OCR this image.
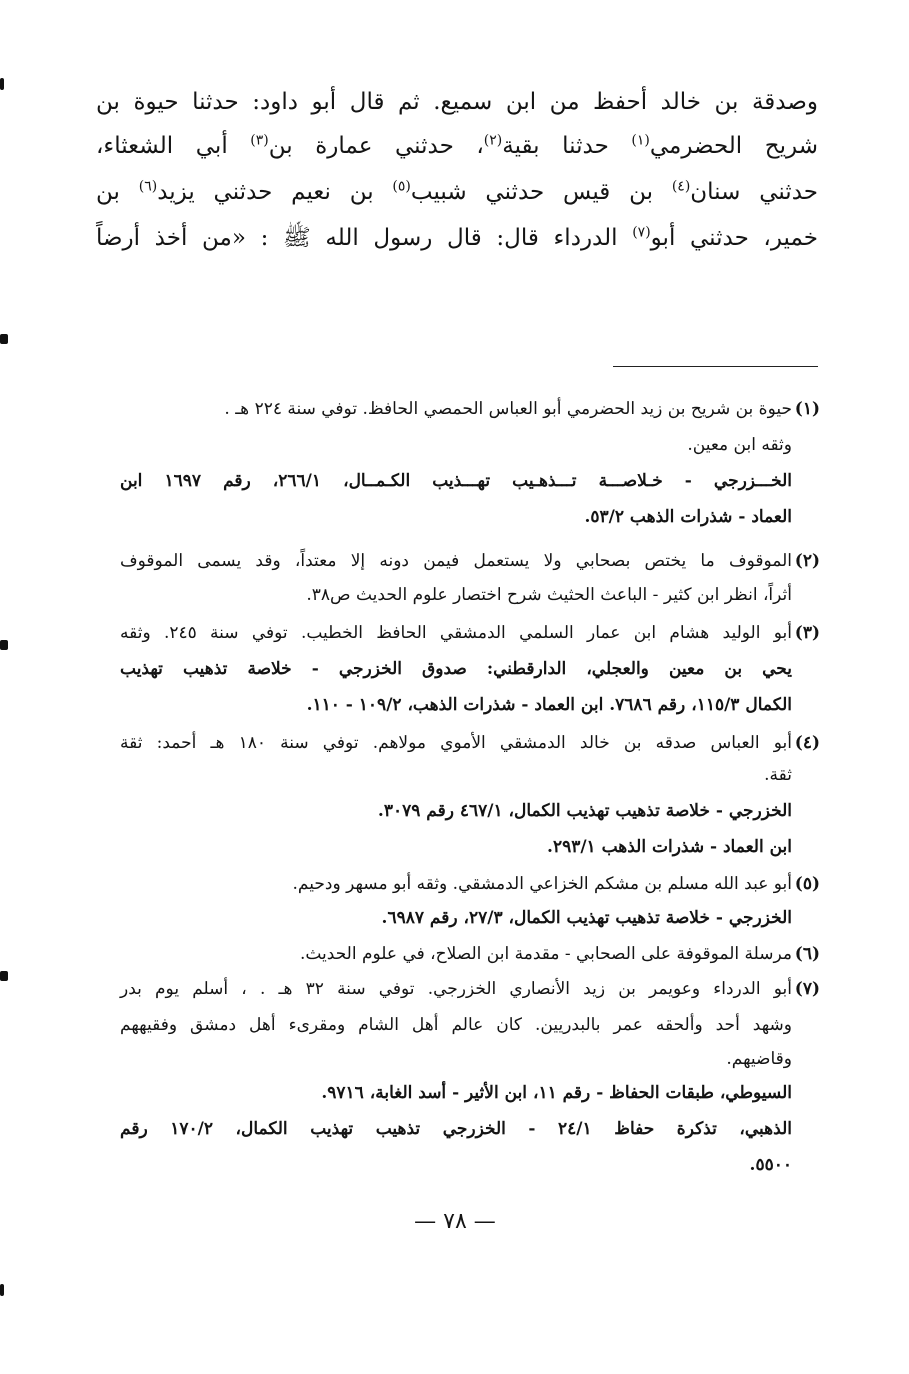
وصدقة بن خالد أحفظ من ابن سميع. ثم قال أبو داود: حدثنا حيوة بن
شريح الحضرمي$^{(١)}$ حدثنا بقية$^{(٢)}$، حدثني عمارة بن$^{(٣)}$ أبي الشعثاء،
حدثني سنان$^{(٤)}$ بن قيس حدثني شبيب$^{(٥)}$ بن نعيم حدثني يزيد$^{(٦)}$ بن
خمير، حدثني أبو$^{(٧)}$ الدرداء قال: قال رسول الله ﷺ : «من أخذ أرضاً
(١)
حيوة بن شريح بن زيد الحضرمي أبو العباس الحمصي الحافظ. توفي سنة ٢٢٤ هـ .
وثقه ابن معين.
الخـــزرجي - خـلاصـــة تـــذهـيب تهـــذيب الكـمــال، ٢٦٦/١، رقم ١٦٩٧ ابن
العماد - شذرات الذهب ٥٣/٢.
(٢)
الموقوف ما يختص بصحابي ولا يستعمل فيمن دونه إلا معتداً، وقد يسمى الموقوف
أثراً، انظر ابن كثير - الباعث الحثيث شرح اختصار علوم الحديث ص٣٨.
(٣)
أبو الوليد هشام ابن عمار السلمي الدمشقي الحافظ الخطيب. توفي سنة ٢٤٥. وثقه
يحي بن معين والعجلي، الدارقطني: صدوق الخزرجي - خلاصة تذهيب تهذيب
الكمال ١١٥/٣، رقم ٧٦٨٦. ابن العماد - شذرات الذهب، ١٠٩/٢ - ١١٠.
(٤)
أبو العباس صدقه بن خالد الدمشقي الأموي مولاهم. توفي سنة ١٨٠ هـ أحمد: ثقة
ثقة.
الخزرجي - خلاصة تذهيب تهذيب الكمال، ٤٦٧/١ رقم ٣٠٧٩.
ابن العماد - شذرات الذهب ٢٩٣/١.
(٥)
أبو عبد الله مسلم بن مشكم الخزاعي الدمشقي. وثقه أبو مسهر ودحيم.
الخزرجي - خلاصة تذهيب تهذيب الكمال، ٢٧/٣، رقم ٦٩٨٧.
(٦)
مرسلة الموقوفة على الصحابي - مقدمة ابن الصلاح، في علوم الحديث.
(٧)
أبو الدرداء وعويمر بن زيد الأنصاري الخزرجي. توفي سنة ٣٢ هـ . ، أسلم يوم بدر
وشهد أحد وألحقه عمر بالبدريين. كان عالم أهل الشام ومقرىء أهل دمشق وفقيههم
وقاضيهم.
السيوطي، طبقات الحفاظ - رقم ١١، ابن الأثير - أسد الغابة، ٩٧١٦.
الذهبي، تذكرة حفاظ ٢٤/١ - الخزرجي تذهيب تهذيب الكمال، ١٧٠/٢ رقم
٥٥٠٠.
— ٧٨ —
